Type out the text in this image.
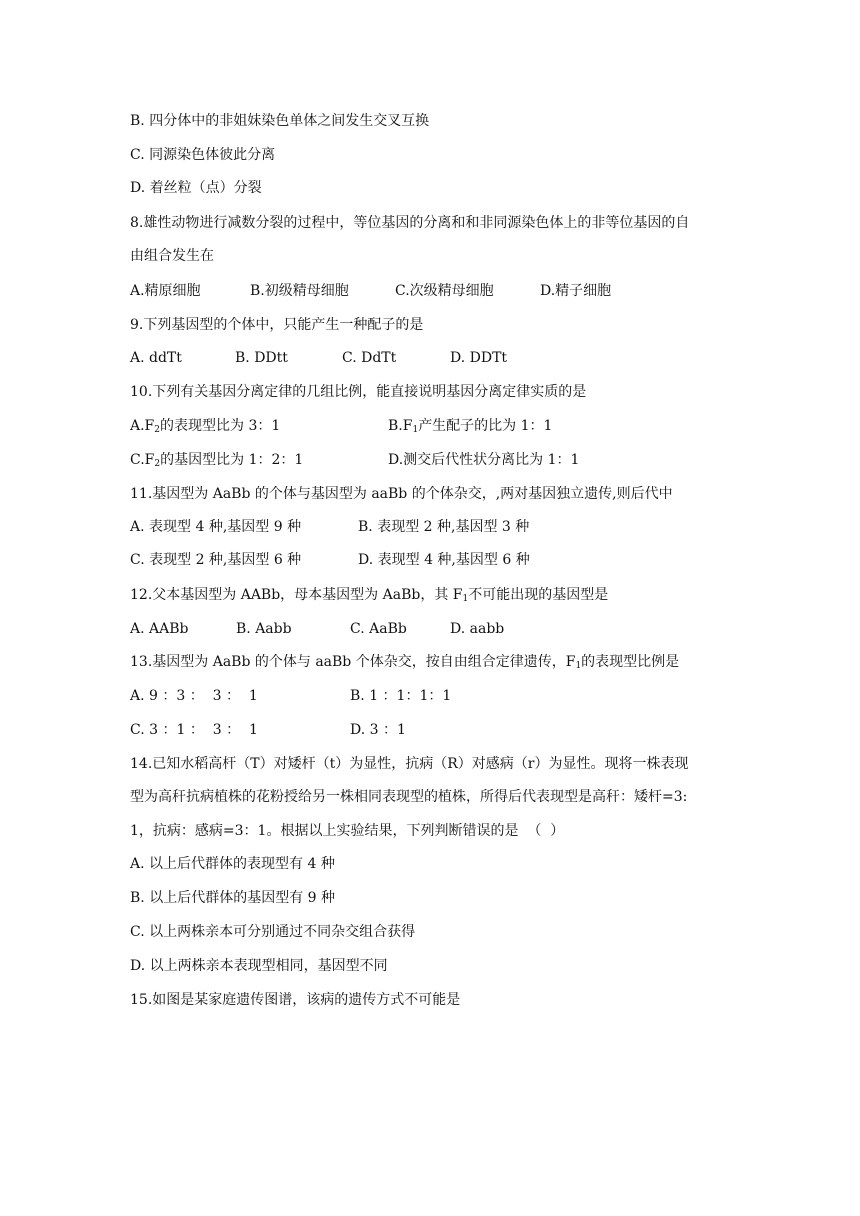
B. 四分体中的非姐妹染色单体之间发生交叉互换
C. 同源染色体彼此分离
D. 着丝粒（点）分裂
8.雄性动物进行减数分裂的过程中，等位基因的分离和和非同源染色体上的非等位基因的自
由组合发生在
A.精原细胞	B.初级精母细胞	C.次级精母细胞	D.精子细胞
9.下列基因型的个体中，只能产生一种配子的是
A. ddTt	B. DDtt	C. DdTt	D. DDTt
10.下列有关基因分离定律的几组比例，能直接说明基因分离定律实质的是
$A.F_2$的表现型比为 3：1	$B.F_1$产生配子的比为 1：1
$C.F_2$的基因型比为 1：2：1	D.测交后代性状分离比为 1：1
11.基因型为 AaBb 的个体与基因型为 aaBb 的个体杂交，,两对基因独立遗传,则后代中
A. 表现型 4 种,基因型 9 种	B. 表现型 2 种,基因型 3 种
C. 表现型 2 种,基因型 6 种	D. 表现型 4 种,基因型 6 种
12.父本基因型为 AABb，母本基因型为 AaBb，其 $F_1$不可能出现的基因型是
A. AABb	B. Aabb	C. AaBb	D. aabb
13.基因型为 AaBb 的个体与 aaBb 个体杂交，按自由组合定律遗传，$F_1$的表现型比例是
A. 9 ：3 ：  3 ：  1	B. 1 ：1：1：1
C. 3 ：1 ：  3 ：  1	D. 3 ：1
14.已知水稻高杆（T）对矮杆（t）为显性，抗病（R）对感病（r）为显性。现将一株表现
型为高秆抗病植株的花粉授给另一株相同表现型的植株，所得后代表现型是高秆：矮杆=3:
1，抗病：感病=3：1。根据以上实验结果，下列判断错误的是  （  ）
A. 以上后代群体的表现型有 4 种
B. 以上后代群体的基因型有 9 种
C. 以上两株亲本可分别通过不同杂交组合获得
D. 以上两株亲本表现型相同，基因型不同
15.如图是某家庭遗传图谱，该病的遗传方式不可能是
